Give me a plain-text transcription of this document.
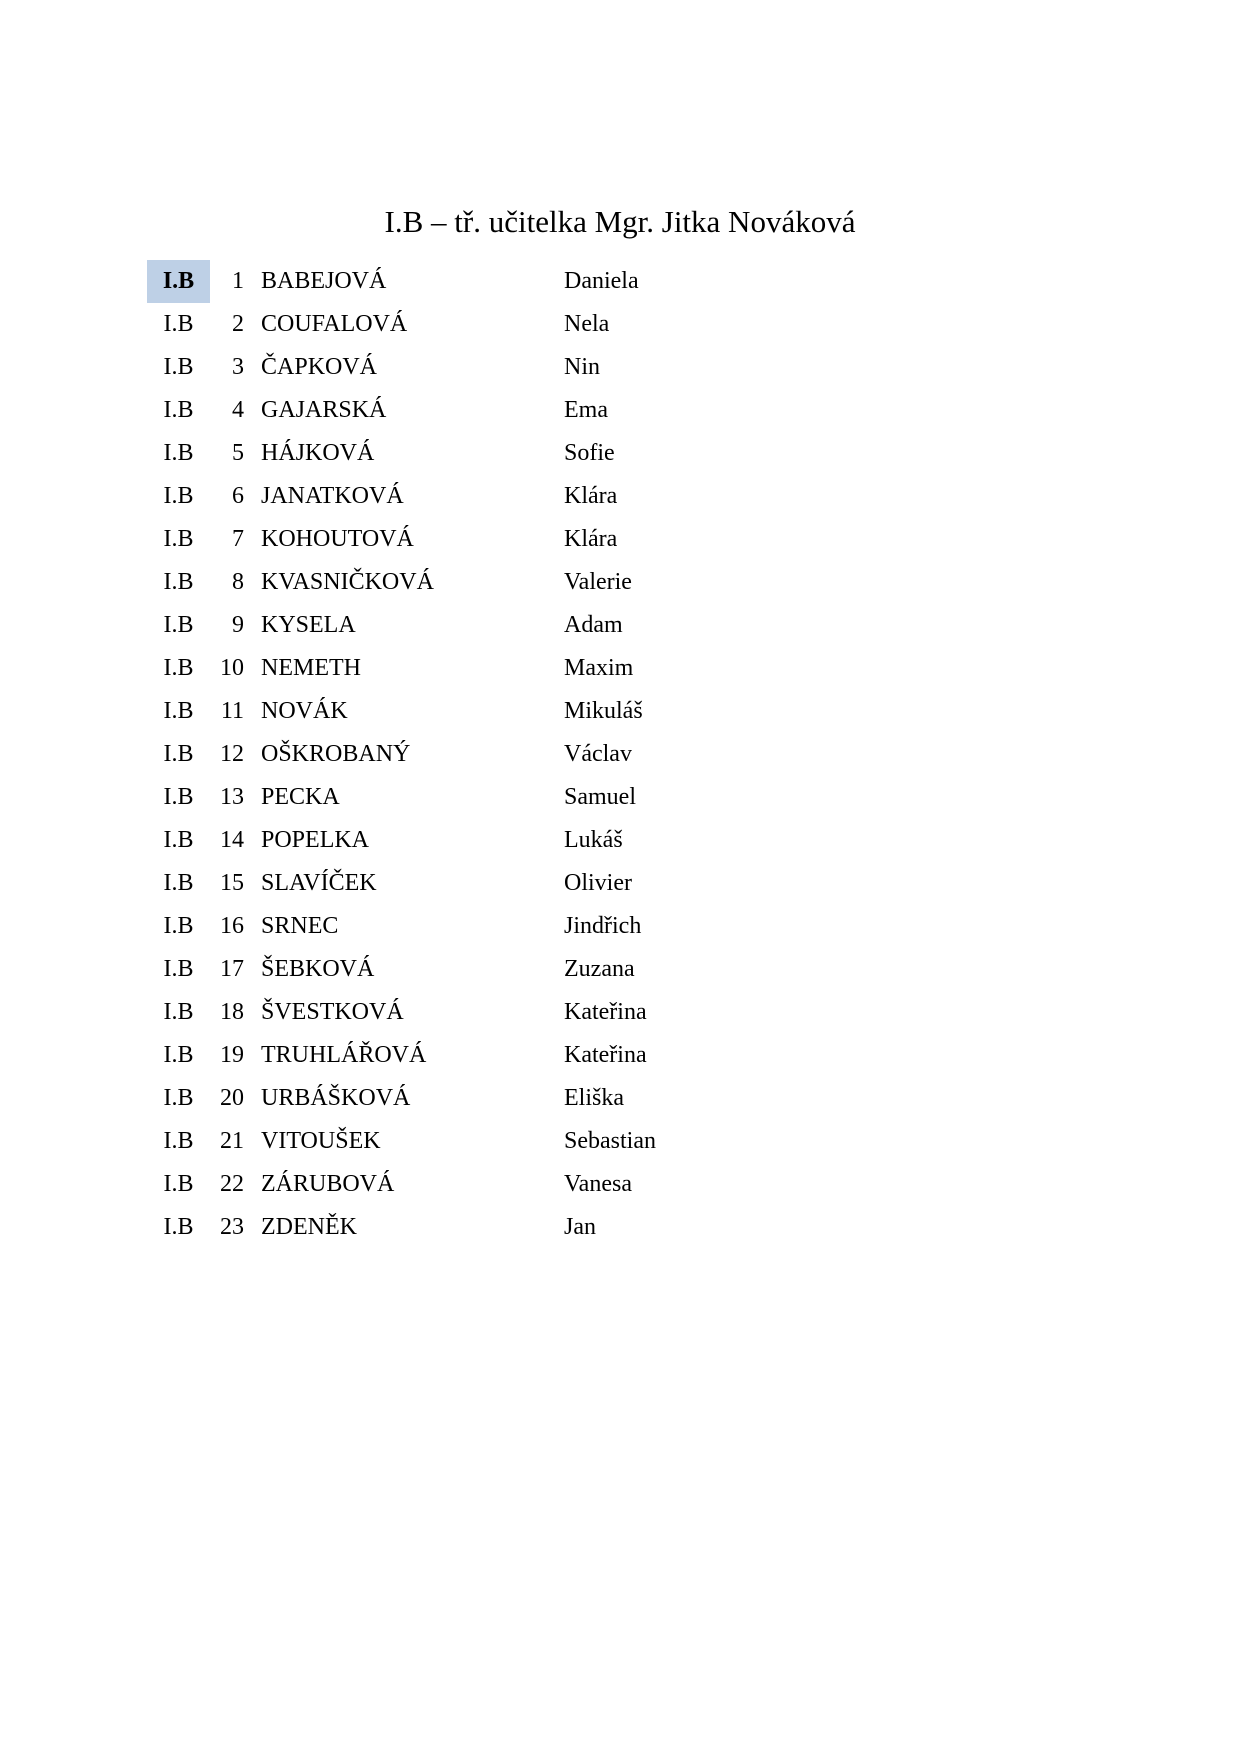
I.B – tř. učitelka Mgr. Jitka Nováková
I.B	1 BABEJOVÁ	Daniela
I.B	2 COUFALOVÁ	Nela
I.B	3 ČAPKOVÁ	Nin
I.B	4 GAJARSKÁ	Ema
I.B	5 HÁJKOVÁ	Sofie
I.B	6 JANATKOVÁ	Klára
I.B	7 KOHOUTOVÁ	Klára
I.B	8 KVASNIČKOVÁ	Valerie
I.B	9 KYSELA	Adam
I.B	10 NEMETH	Maxim
I.B	11 NOVÁK	Mikuláš
I.B	12 OŠKROBANÝ	Václav
I.B	13 PECKA	Samuel
I.B	14 POPELKA	Lukáš
I.B	15 SLAVÍČEK	Olivier
I.B	16 SRNEC	Jindřich
I.B	17 ŠEBKOVÁ	Zuzana
I.B	18 ŠVESTKOVÁ	Kateřina
I.B	19 TRUHLÁŘOVÁ	Kateřina
I.B	20 URBÁŠKOVÁ	Eliška
I.B	21 VITOUŠEK	Sebastian
I.B	22 ZÁRUBOVÁ	Vanesa
I.B	23 ZDENĚK	Jan
